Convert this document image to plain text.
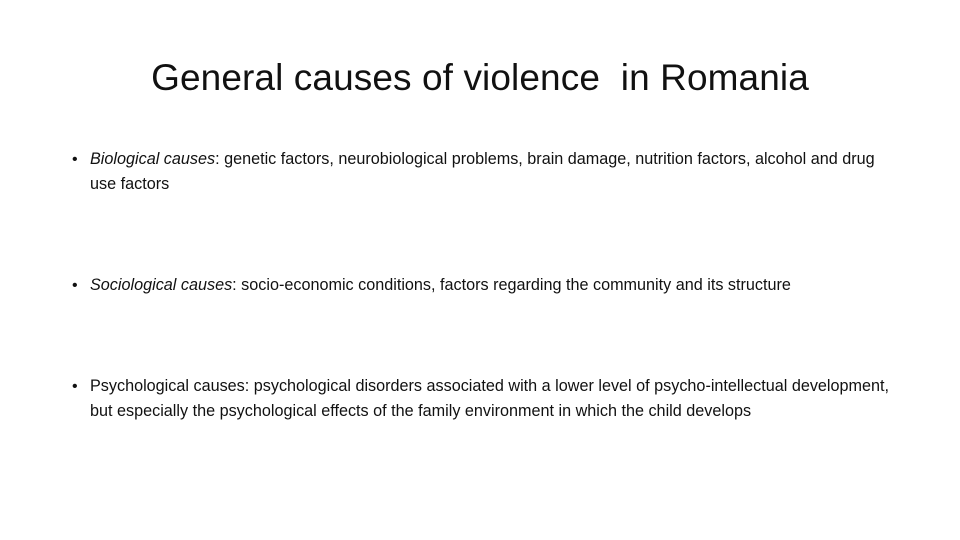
General causes of violence  in Romania
• Biological causes: genetic factors, neurobiological problems, brain damage, nutrition factors, alcohol and drug use factors
• Sociological causes: socio-economic conditions, factors regarding the community and its structure
• Psychological causes: psychological disorders associated with a lower level of psycho-intellectual development, but especially the psychological effects of the family environment in which the child develops
